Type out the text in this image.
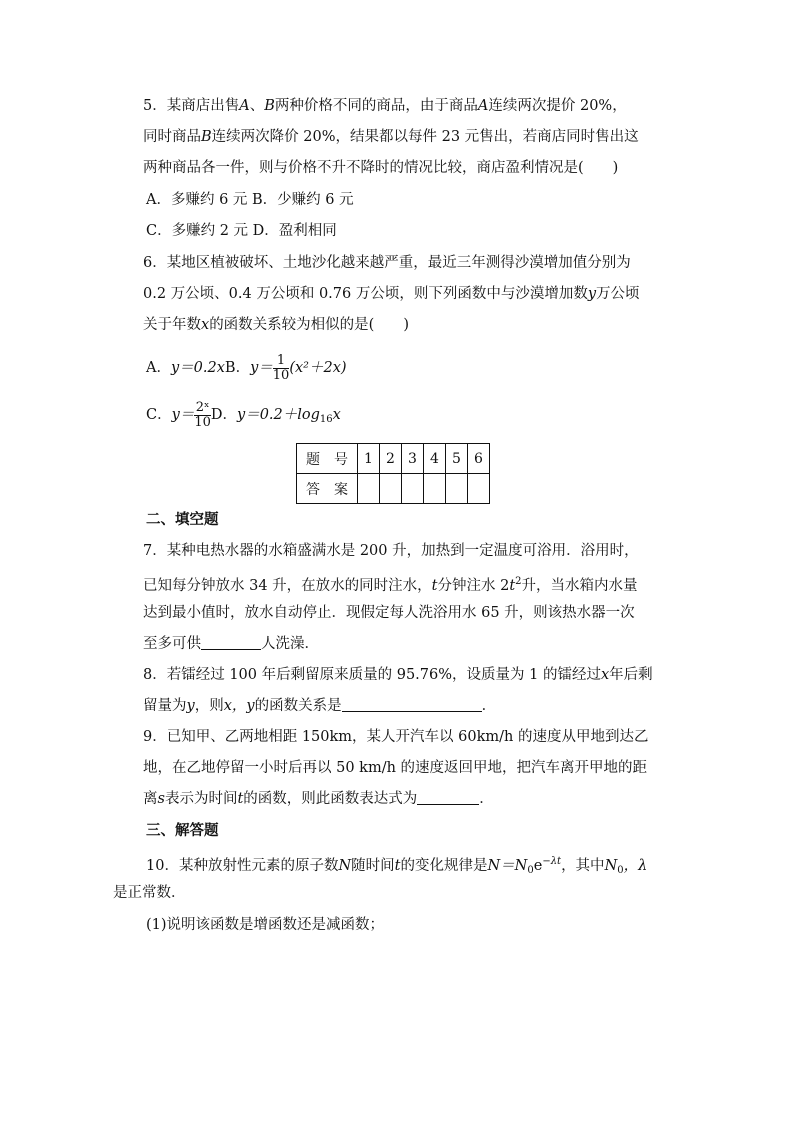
5．某商店出售A、B两种价格不同的商品，由于商品A连续两次提价 20%，
同时商品B连续两次降价 20%，结果都以每件 23 元售出，若商店同时售出这
两种商品各一件，则与价格不升不降时的情况比较，商店盈利情况是(　　)
A．多赚约 6 元 B．少赚约 6 元
C．多赚约 2 元 D．盈利相同
6．某地区植被破坏、土地沙化越来越严重，最近三年测得沙漠增加值分别为
0.2 万公顷、0.4 万公顷和 0.76 万公顷，则下列函数中与沙漠增加数y万公顷
关于年数x的函数关系较为相似的是(　　)
A．y＝0.2xB．$y= \frac{1}{10} (x^2+2x)$
C．$y= \frac{\text{2ˣ}}{10}$ D．$y=0.2+\log_{16}x$
题　号	1	2	3	4	5	6
答　案						
二、填空题
7．某种电热水器的水箱盛满水是 200 升，加热到一定温度可浴用．浴用时，
已知每分钟放水 34 升，在放水的同时注水，t分钟注水 $2t^2$升，当水箱内水量
达到最小值时，放水自动停止．现假定每人洗浴用水 65 升，则该热水器一次
至多可供	人洗澡．
8．若镭经过 100 年后剩留原来质量的 95.76%，设质量为 1 的镭经过x年后剩
留量为y，则x，y的函数关系是	．
9．已知甲、乙两地相距 150km，某人开汽车以 60km/h 的速度从甲地到达乙
地，在乙地停留一小时后再以 50 km/h 的速度返回甲地，把汽车离开甲地的距
离s表示为时间t的函数，则此函数表达式为	．
三、解答题
10．某种放射性元素的原子数N随时间t的变化规律是$N=N_0e^{-\lambda t}$，其中$N_0$，λ
是正常数．
(1)说明该函数是增函数还是减函数；
